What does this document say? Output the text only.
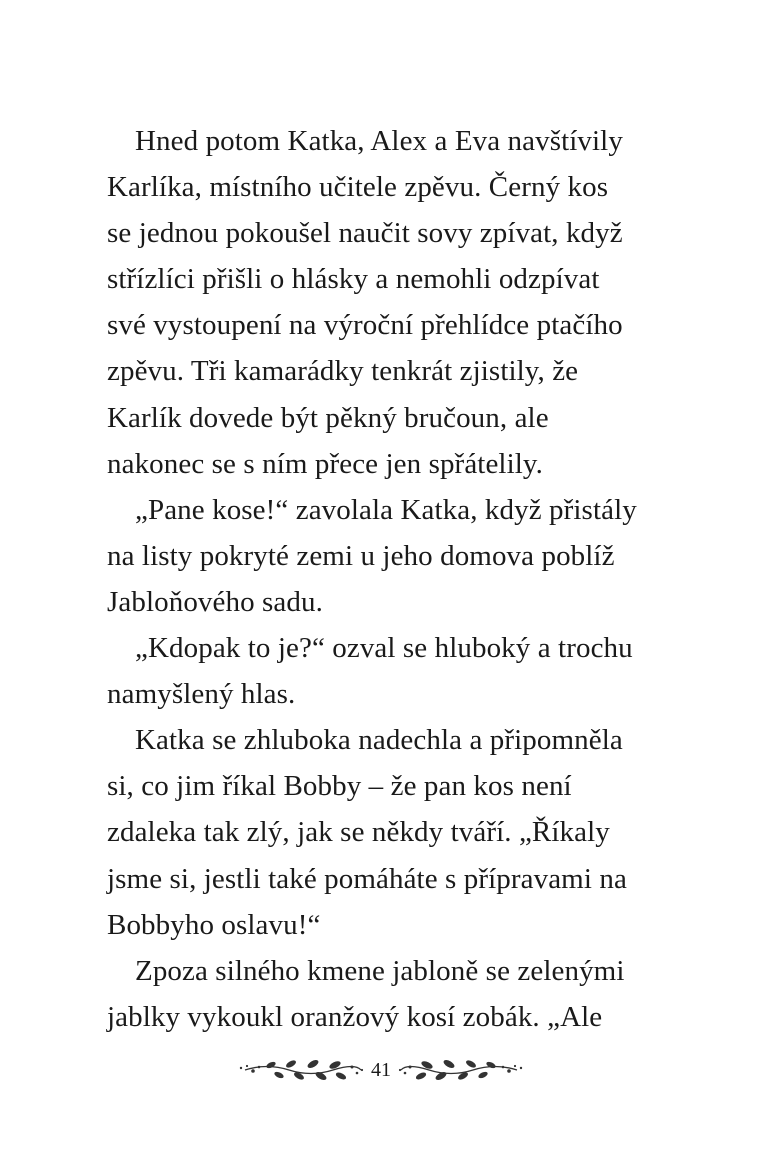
Hned potom Katka, Alex a Eva navštívily
Karlíka, místního učitele zpěvu. Černý kos
se jednou pokoušel naučit sovy zpívat, když
střízlíci přišli o hlásky a nemohli odzpívat
své vystoupení na výroční přehlídce ptačího
zpěvu. Tři kamarádky tenkrát zjistily, že
Karlík dovede být pěkný bručoun, ale
nakonec se s ním přece jen spřátelily.
„Pane kose!“ zavolala Katka, když přistály
na listy pokryté zemi u jeho domova poblíž
Jabloňového sadu.
„Kdopak to je?“ ozval se hluboký a trochu
namyšlený hlas.
Katka se zhluboka nadechla a připomněla
si, co jim říkal Bobby – že pan kos není
zdaleka tak zlý, jak se někdy tváří. „Říkaly
jsme si, jestli také pomáháte s přípravami na
Bobbyho oslavu!“
Zpoza silného kmene jabloně se zelenými
jablky vykoukl oranžový kosí zobák. „Ale
41
